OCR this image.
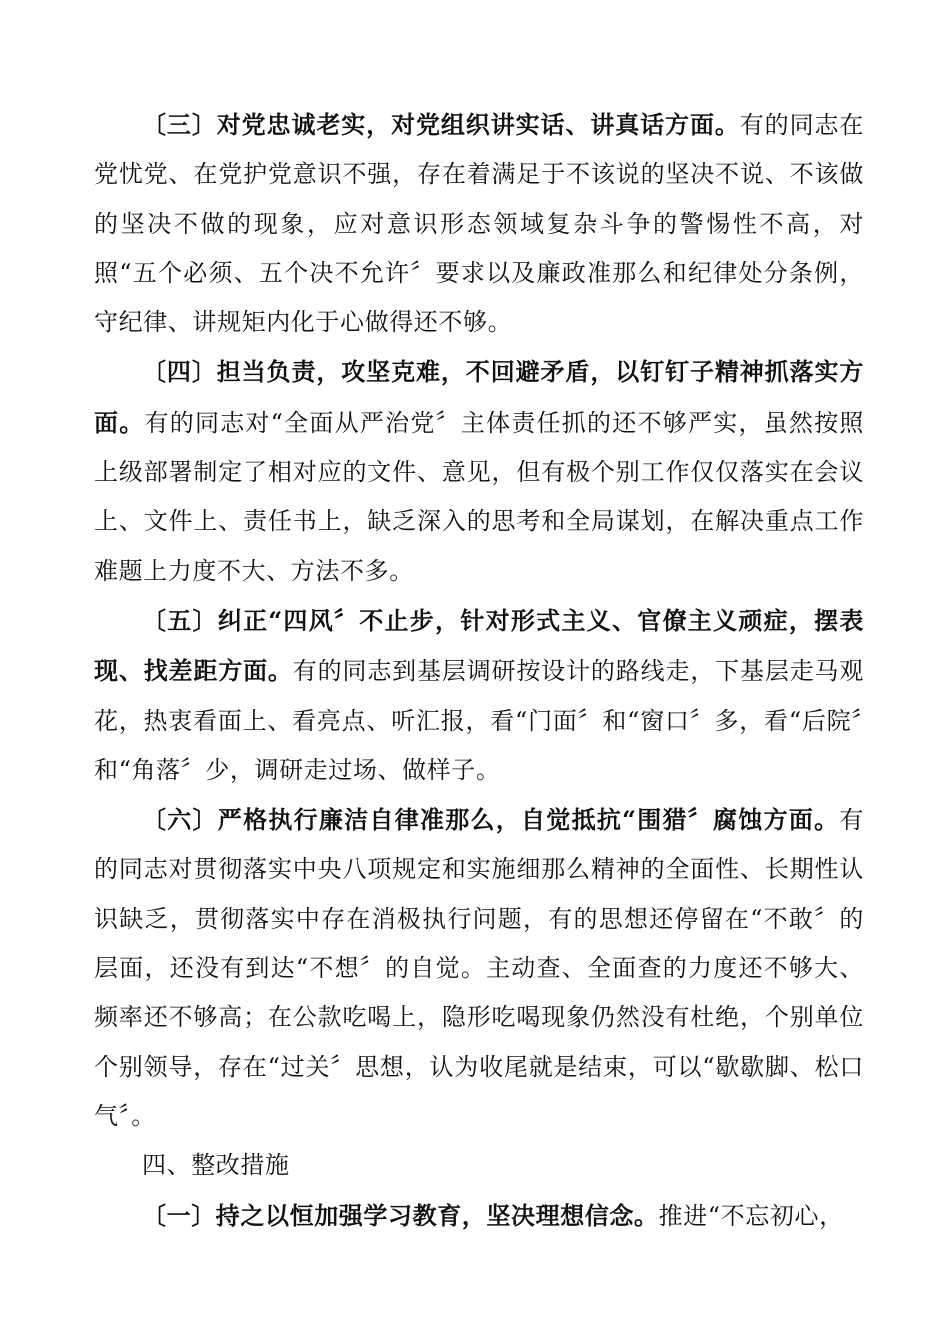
〔三〕对党忠诚老实，对党组织讲实话、讲真话方面。有的同志在党忧党、在党护党意识不强，存在着满足于不该说的坚决不说、不该做的坚决不做的现象，应对意识形态领域复杂斗争的警惕性不高，对照“五个必须、五个决不允许〞要求以及廉政准那么和纪律处分条例，守纪律、讲规矩内化于心做得还不够。

〔四〕担当负责，攻坚克难，不回避矛盾，以钉钉子精神抓落实方面。有的同志对“全面从严治党〞主体责任抓的还不够严实，虽然按照上级部署制定了相对应的文件、意见，但有极个别工作仅仅落实在会议上、文件上、责任书上，缺乏深入的思考和全局谋划，在解决重点工作难题上力度不大、方法不多。

〔五〕纠正“四风〞不止步，针对形式主义、官僚主义顽症，摆表现、找差距方面。有的同志到基层调研按设计的路线走，下基层走马观花，热衷看面上、看亮点、听汇报，看“门面〞和“窗口〞多，看“后院〞和“角落〞少，调研走过场、做样子。

〔六〕严格执行廉洁自律准那么，自觉抵抗“围猎〞腐蚀方面。有的同志对贯彻落实中央八项规定和实施细那么精神的全面性、长期性认识缺乏，贯彻落实中存在消极执行问题，有的思想还停留在“不敢〞的层面，还没有到达“不想〞的自觉。主动查、全面查的力度还不够大、频率还不够高；在公款吃喝上，隐形吃喝现象仍然没有杜绝，个别单位个别领导，存在“过关〞思想，认为收尾就是结束，可以“歇歇脚、松口气〞。

四、整改措施

〔一〕持之以恒加强学习教育，坚决理想信念。推进“不忘初心，
